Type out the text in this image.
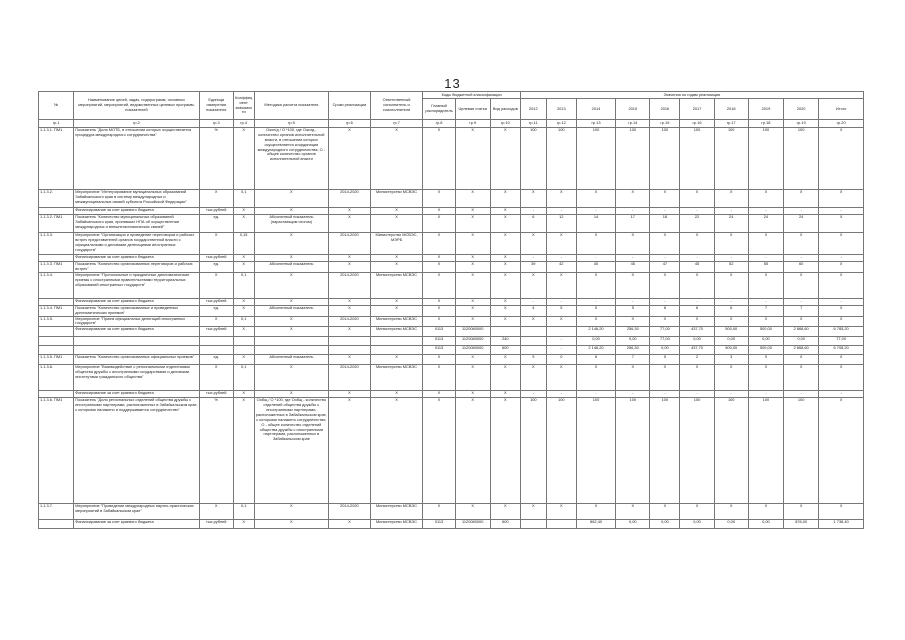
13
№	Наименование целей, задач, подпрограмм, основных мероприятий, мероприятий, ведомственных целевых программ, показателей	Единица измерения показателя	Коэффициент значимости	Методика расчета показателя	Сроки реализации	Ответственный исполнитель и соисполнители	Коды бюджетной классификации			Значения по годам реализации									
							Главный распорядитель	Целевая статья	Вид расходов	2012	2013	2014	2015	2016	2017	2018	2019	2020	Итого
гр.1	гр.2	гр.3	гр.4	гр.5	гр.6	гр.7	гр.8	гр.9	гр.10	гр.11	гр.12	гр.13	гр.14	гр.15	гр.16	гр.17	гр.18	гр.19	гр.20
1.1.3.1. ПМ1	Показатель "Доля МОТБ, в отношении которых осуществляется процедура международного сотрудничества"	%	X	Ожог/д / О *100, где Ожогд - количество органов исполнительной власти, в отношении которых осуществляется координация международного сотрудничества; О - общее количество органов исполнительной власти	X	X	X	X	X	100	100	100	100	100	100	100	100	100	X
1.1.3.2.	Мероприятие "Интегрирование муниципальных образований Забайкальского края в систему международных и межмуниципальных связей субъекта Российской Федерации"	X	0,1	X	2014-2020	Министерство МСВЭС	X	X	X	X	X	X	X	X	X	X	X	X	X
	Финансирование за счет краевого бюджета	тыс.рублей	X	X	X	X	X	X	X	-	-	-	-	-	-	-	-	-	-
1.1.3.2. ПМ1	Показатель "Количество муниципальных образований Забайкальского края, принявших НПА об осуществлении международных и внешнеэкономических связей"	ед.	X	Абсолютный показатель (нарастающим итогом)	X	X	X	X	X	6	12	14	17	18	22	24	24	24	X
1.1.3.3.	Мероприятие "Организация и проведение переговоров и рабочих встреч представителей органов государственной власти с официальными и деловыми делегациями иностранных государств"	X	0,15	X	2014-2020	Министерство МСВЭС, МЭРБ	X	X	X	X	X	X	X	X	X	X	X	X	X
	Финансирование за счет краевого бюджета	тыс.рублей	X	X	X	X	X	X	X	-	-	-	-	-	-	-	-	-	-
1.1.3.3. ПМ1	Показатель "Количество организованных переговоров и рабочих встреч"	ед.	X	Абсолютный показатель	X	X	X	X	X	39	42	40	45	47	45	52	55	60	X
1.1.3.4.	Мероприятие "Протокольные и праздничные дипломатические приемы с иностранными правительствами территориальных образований иностранных государств"	X	0,1	X	2014-2020	Министерство МСВЭС	X	X	X	X	X	X	X	X	X	X	X	X	X
	Финансирование за счет краевого бюджета	тыс.рублей	X	X	X	X	X	X	X	-	-	-	-	-	-	-	-	-	-
1.1.3.4. ПМ1	Показатель "Количество организованных и проведенных дипломатических приемов"	ед.	X	Абсолютный показатель	X	X	X	X	X	4	5	5	5	6	6	6	7	7	X
1.1.3.5.	Мероприятие "Прием официальных делегаций иностранных государств"	X	0,1	X	2014-2020	Министерство МСВЭС	X	X	X	X	X	X	X	X	X	X	X	X	X
	Финансирование за счет краевого бюджета	тыс.рублей	X	X	X	Министерство МСВЭС	0113	1120080000				2 146,20	256,30	77,00	437,70	500,00	500,00	2 868,60	6 785,20
							0113	1120080000	240		-	0,00	0,00	77,00	0,00	0,00	0,00	0,00	77,00
							0113	1120080000	600		-	2 146,20	256,30	0,00	437,70	500,00	500,00	2 868,60	6 708,20
1.1.3.5. ПМ1	Показатель "Количество организованных официальных приемов"	ед.	X	Абсолютный показатель	X	X	X	X	X	9	0	6	7	5	2	3	9	X	X
1.1.3.6.	Мероприятие "Взаимодействие с региональными отделениями общества дружбы с иностранными государствами и деловыми институтами гражданского общества"	X	0,1	X	2014-2020	Министерство МСВЭС	X	X	X	X	X	X	X	X	X	X	X	X	X
	Финансирование за счет краевого бюджета	тыс.рублей	X	X	X	X	X	X	X	-	-	-	-	-	-	-	-	-	-
1.1.3.6. ПМ1	Показатель "Доля региональных отделений общества дружбы с иностранными партнерами, расположенных в Забайкальском крае, с которыми налажено и поддерживается сотрудничество"	%	X	Ообщ / О *100, где Ообщ - количество отделений общества дружбы с иностранными партнерами, расположенных в Забайкальском крае, с которыми налажено сотрудничество; О - общее количество отделений общества дружбы с иностранными партнерами, расположенных в Забайкальском крае	X	X	X	X	X	100	100	100	100	100	100	100	100	100	X
1.1.3.7.	Мероприятие "Проведение международных научно-практических мероприятий в Забайкальском крае"	X	0,1	X	2014-2020	Министерство МСВЭС	X	X	X	X	X	X	X	X	X	X	X	X	X
	Финансирование за счет краевого бюджета	тыс.рублей	X	X	X	Министерство МСВЭС	0113	1120080000	600			862,40	0,00	0,00	0,00	0,00	0,00	876,00	1 738,40
